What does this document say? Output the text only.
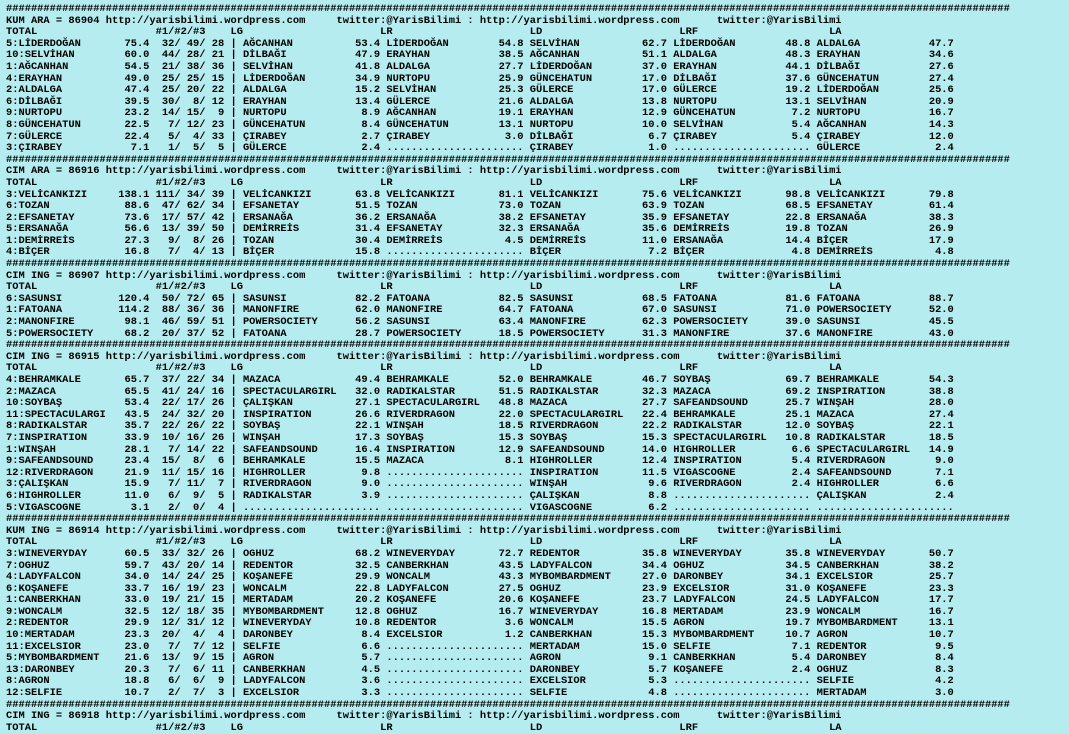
#################################################################################################################################################################
KUM ARA = 86904 http://yarisbilimi.wordpress.com     twitter:@YarisBilimi : http://yarisbilimi.wordpress.com      twitter:@YarisBilimi
TOTAL                   #1/#2/#3    LG                      LR                      LD                      LRF                     LA
5:LİDERDOĞAN       75.4  32/ 49/ 28 | AĞCANHAN          53.4 LİDERDOĞAN        54.8 SELVİHAN          62.7 LİDERDOĞAN        48.8 ALDALGA           47.7
10:SELVİHAN        60.0  44/ 28/ 21 | DİLBAĞI           47.9 ERAYHAN           38.5 AĞCANHAN          51.1 ALDALGA           48.3 ERAYHAN           34.6
1:AĞCANHAN         54.5  21/ 38/ 36 | SELVİHAN          41.8 ALDALGA           27.7 LİDERDOĞAN        37.0 ERAYHAN           44.1 DİLBAĞI           27.6
4:ERAYHAN          49.0  25/ 25/ 15 | LİDERDOĞAN        34.9 NURTOPU           25.9 GÜNCEHATUN        17.0 DİLBAĞI           37.6 GÜNCEHATUN        27.4
2:ALDALGA          47.4  25/ 20/ 22 | ALDALGA           15.2 SELVİHAN          25.3 GÜLERCE           17.0 GÜLERCE           19.2 LİDERDOĞAN        25.6
6:DİLBAĞI          39.5  30/  8/ 12 | ERAYHAN           13.4 GÜLERCE           21.6 ALDALGA           13.8 NURTOPU           13.1 SELVİHAN          20.9
9:NURTOPU          23.2  14/ 15/  9 | NURTOPU            8.9 AĞCANHAN          19.1 ERAYHAN           12.9 GÜNCEHATUN         7.2 NURTOPU           16.7
8:GÜNCEHATUN       22.5   7/ 12/ 23 | GÜNCEHATUN         8.4 GÜNCEHATUN        13.1 NURTOPU           10.0 SELVİHAN           5.4 AĞCANHAN          14.3
7:GÜLERCE          22.4   5/  4/ 33 | ÇIRABEY            2.7 ÇIRABEY            3.0 DİLBAĞI            6.7 ÇIRABEY            5.4 ÇIRABEY           12.0
3:ÇIRABEY           7.1   1/  5/  5 | GÜLERCE            2.4 ...................... ÇIRABEY            1.0 ...................... GÜLERCE            2.4
#################################################################################################################################################################
CIM ARA = 86916 http://yarisbilimi.wordpress.com     twitter:@YarisBilimi : http://yarisbilimi.wordpress.com      twitter:@YarisBilimi
TOTAL                   #1/#2/#3    LG                      LR                      LD                      LRF                     LA
3:VELİCANKIZI     138.1 111/ 34/ 39 | VELİCANKIZI       63.8 VELİCANKIZI       81.1 VELİCANKIZI       75.6 VELİCANKIZI       98.8 VELİCANKIZI       79.8
6:TOZAN            88.6  47/ 62/ 34 | EFSANETAY         51.5 TOZAN             73.0 TOZAN             63.9 TOZAN             68.5 EFSANETAY         61.4
2:EFSANETAY        73.6  17/ 57/ 42 | ERSANAĞA          36.2 ERSANAĞA          38.2 EFSANETAY         35.9 EFSANETAY         22.8 ERSANAĞA          38.3
5:ERSANAĞA         56.6  13/ 39/ 50 | DEMİRREİS         31.4 EFSANETAY         32.3 ERSANAĞA          35.6 DEMİRREİS         19.8 TOZAN             26.9
1:DEMİRREİS        27.3   9/  8/ 26 | TOZAN             30.4 DEMİRREİS          4.5 DEMİRREİS         11.0 ERSANAĞA          14.4 BİÇER             17.9
4:BİÇER            16.8   7/  4/ 13 | BİÇER             15.8 ...................... BİÇER              7.2 BİÇER              4.8 DEMİRREİS          4.8
#################################################################################################################################################################
CIM ING = 86907 http://yarisbilimi.wordpress.com     twitter:@YarisBilimi : http://yarisbilimi.wordpress.com      twitter:@YarisBilimi
TOTAL                   #1/#2/#3    LG                      LR                      LD                      LRF                     LA
6:SASUNSI         120.4  50/ 72/ 65 | SASUNSI           82.2 FATOANA           82.5 SASUNSI           68.5 FATOANA           81.6 FATOANA           88.7
1:FATOANA         114.2  88/ 36/ 36 | MANONFIRE         62.0 MANONFIRE         64.7 FATOANA           67.0 SASUNSI           71.0 POWERSOCIETY      52.0
2:MANONFIRE        98.1  46/ 59/ 51 | POWERSOCIETY      56.2 SASUNSI           63.4 MANONFIRE         62.3 POWERSOCIETY      39.0 SASUNSI           45.5
5:POWERSOCIETY     68.2  20/ 37/ 52 | FATOANA           28.7 POWERSOCIETY      18.5 POWERSOCIETY      31.3 MANONFIRE         37.6 MANONFIRE         43.0
#################################################################################################################################################################
CIM ING = 86915 http://yarisbilimi.wordpress.com     twitter:@YarisBilimi : http://yarisbilimi.wordpress.com      twitter:@YarisBilimi
TOTAL                   #1/#2/#3    LG                      LR                      LD                      LRF                     LA
4:BEHRAMKALE       65.7  37/ 22/ 34 | MAZACA            49.4 BEHRAMKALE        52.0 BEHRAMKALE        46.7 SOYBAŞ            69.7 BEHRAMKALE        54.3
2:MAZACA           65.5  41/ 24/ 16 | SPECTACULARGIRL   32.0 RADIKALSTAR       51.5 RADIKALSTAR       32.3 MAZACA            69.2 INSPIRATION       38.8
10:SOYBAŞ          53.4  22/ 17/ 26 | ÇALIŞKAN          27.1 SPECTACULARGIRL   48.8 MAZACA            27.7 SAFEANDSOUND      25.7 WINŞAH            28.0
11:SPECTACULARGI   43.5  24/ 32/ 20 | INSPIRATION       26.6 RIVERDRAGON       22.0 SPECTACULARGIRL   22.4 BEHRAMKALE        25.1 MAZACA            27.4
8:RADIKALSTAR      35.7  22/ 26/ 22 | SOYBAŞ            22.1 WINŞAH            18.5 RIVERDRAGON       22.2 RADIKALSTAR       12.0 SOYBAŞ            22.1
7:INSPIRATION      33.9  10/ 16/ 26 | WINŞAH            17.3 SOYBAŞ            15.3 SOYBAŞ            15.3 SPECTACULARGIRL   10.8 RADIKALSTAR       18.5
1:WINŞAH           28.1   7/ 14/ 22 | SAFEANDSOUND      16.4 INSPIRATION       12.9 SAFEANDSOUND      14.0 HIGHROLLER         6.6 SPECTACULARGIRL   14.9
9:SAFEANDSOUND     23.4  15/  8/  6 | BEHRAMKALE        15.5 MAZACA             8.1 HIGHROLLER        12.4 INSPIRATION        5.4 RIVERDRAGON        9.0
12:RIVERDRAGON     21.9  11/ 15/ 16 | HIGHROLLER         9.8 ...................... INSPIRATION       11.5 VIGASCOGNE         2.4 SAFEANDSOUND       7.1
3:ÇALIŞKAN         15.9   7/ 11/  7 | RIVERDRAGON        9.0 ...................... WINŞAH             9.6 RIVERDRAGON        2.4 HIGHROLLER         6.6
6:HIGHROLLER       11.0   6/  9/  5 | RADIKALSTAR        3.9 ...................... ÇALIŞKAN           8.8 ...................... ÇALIŞKAN           2.4
5:VIGASCOGNE        3.1   2/  0/  4 | ...................... ...................... VIGASCOGNE         6.2 ...................... ......................
#################################################################################################################################################################
KUM ING = 86914 http://yarisbilimi.wordpress.com     twitter:@YarisBilimi : http://yarisbilimi.wordpress.com      twitter:@YarisBilimi
TOTAL                   #1/#2/#3    LG                      LR                      LD                      LRF                     LA
3:WINEVERYDAY      60.5  33/ 32/ 26 | OGHUZ             68.2 WINEVERYDAY       72.7 REDENTOR          35.8 WINEVERYDAY       35.8 WINEVERYDAY       50.7
7:OGHUZ            59.7  43/ 20/ 14 | REDENTOR          32.5 CANBERKHAN        43.5 LADYFALCON        34.4 OGHUZ             34.5 CANBERKHAN        38.2
4:LADYFALCON       34.0  14/ 24/ 25 | KOŞANEFE          29.9 WONCALM           43.3 MYBOMBARDMENT     27.0 DARONBEY          34.1 EXCELSIOR         25.7
6:KOŞANEFE         33.7  16/ 19/ 23 | WONCALM           22.8 LADYFALCON        27.5 OGHUZ             23.9 EXCELSIOR         31.0 KOŞANEFE          23.3
1:CANBERKHAN       33.0  19/ 21/ 15 | MERTADAM          20.2 KOŞANEFE          20.6 KOŞANEFE          23.7 LADYFALCON        24.5 LADYFALCON        17.7
9:WONCALM          32.5  12/ 18/ 35 | MYBOMBARDMENT     12.8 OGHUZ             16.7 WINEVERYDAY       16.8 MERTADAM          23.9 WONCALM           16.7
2:REDENTOR         29.9  12/ 31/ 12 | WINEVERYDAY       10.8 REDENTOR           3.6 WONCALM           15.5 AGRON             19.7 MYBOMBARDMENT     13.1
10:MERTADAM        23.3  20/  4/  4 | DARONBEY           8.4 EXCELSIOR          1.2 CANBERKHAN        15.3 MYBOMBARDMENT     10.7 AGRON             10.7
11:EXCELSIOR       23.0   7/  7/ 12 | SELFIE             6.6 ...................... MERTADAM          15.0 SELFIE             7.1 REDENTOR           9.5
5:MYBOMBARDMENT    21.6  13/  9/ 15 | AGRON              5.7 ...................... AGRON              9.1 CANBERKHAN         5.4 DARONBEY           8.4
13:DARONBEY        20.3   7/  6/ 11 | CANBERKHAN         4.5 ...................... DARONBEY           5.7 KOŞANEFE           2.4 OGHUZ              8.3
8:AGRON            18.8   6/  6/  9 | LADYFALCON         3.6 ...................... EXCELSIOR          5.3 ...................... SELFIE             4.2
12:SELFIE          10.7   2/  7/  3 | EXCELSIOR          3.3 ...................... SELFIE             4.8 ...................... MERTADAM           3.0
#################################################################################################################################################################
CIM ING = 86918 http://yarisbilimi.wordpress.com     twitter:@YarisBilimi : http://yarisbilimi.wordpress.com      twitter:@YarisBilimi
TOTAL                   #1/#2/#3    LG                      LR                      LD                      LRF                     LA
